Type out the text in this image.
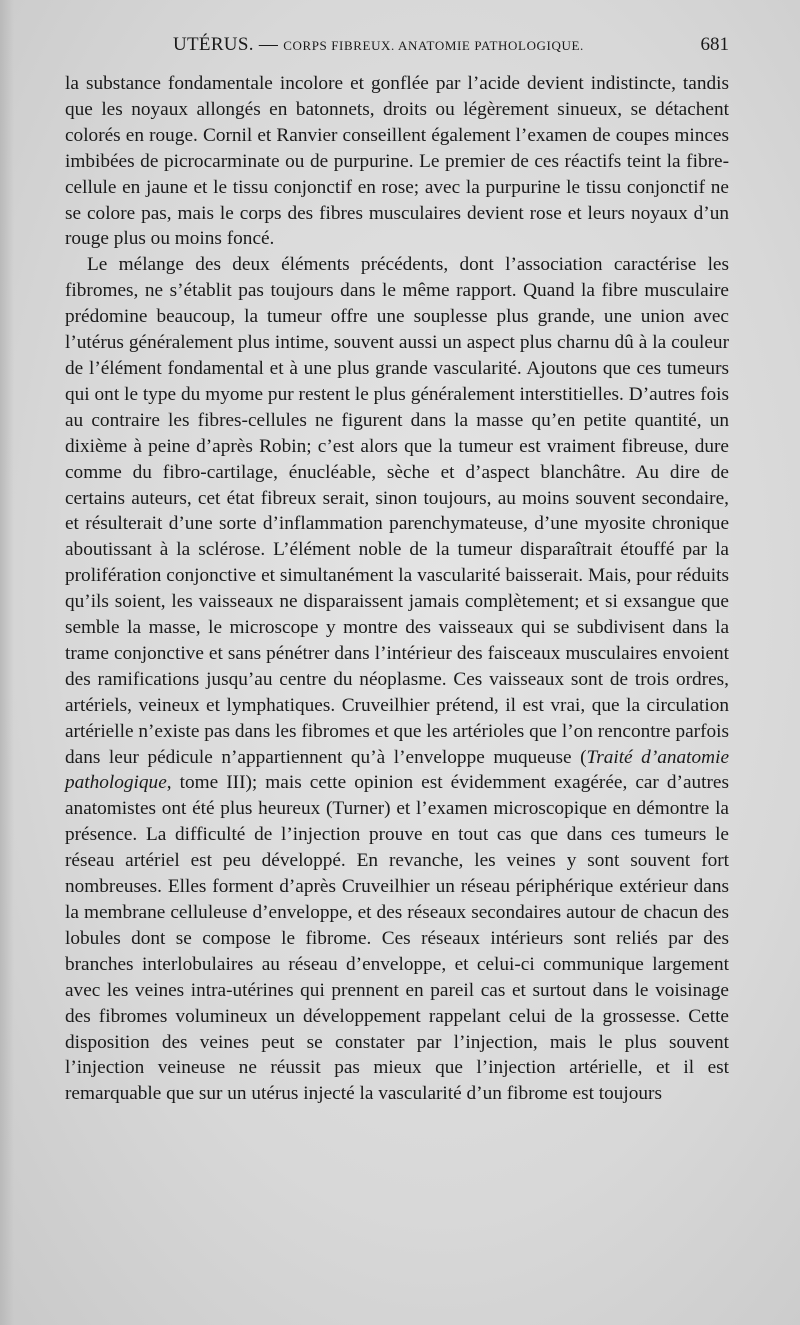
UTÉRUS. — CORPS FIBREUX. ANATOMIE PATHOLOGIQUE.	681

la substance fondamentale incolore et gonflée par l’acide devient indistincte, tandis que les noyaux allongés en batonnets, droits ou légèrement sinueux, se détachent colorés en rouge. Cornil et Ranvier conseillent également l’examen de coupes minces imbibées de picrocarminate ou de purpurine. Le premier de ces réactifs teint la fibre-cellule en jaune et le tissu conjonctif en rose; avec la purpurine le tissu conjonctif ne se colore pas, mais le corps des fibres musculaires devient rose et leurs noyaux d’un rouge plus ou moins foncé.

Le mélange des deux éléments précédents, dont l’association caractérise les fibromes, ne s’établit pas toujours dans le même rapport. Quand la fibre musculaire prédomine beaucoup, la tumeur offre une souplesse plus grande, une union avec l’utérus généralement plus intime, souvent aussi un aspect plus charnu dû à la couleur de l’élément fondamental et à une plus grande vascularité. Ajoutons que ces tumeurs qui ont le type du myome pur restent le plus généralement interstitielles. D’autres fois au contraire les fibres-cellules ne figurent dans la masse qu’en petite quantité, un dixième à peine d’après Robin; c’est alors que la tumeur est vraiment fibreuse, dure comme du fibro-cartilage, énucléable, sèche et d’aspect blanchâtre. Au dire de certains auteurs, cet état fibreux serait, sinon toujours, au moins souvent secondaire, et résulterait d’une sorte d’inflammation parenchymateuse, d’une myosite chronique aboutissant à la sclérose. L’élément noble de la tumeur disparaîtrait étouffé par la prolifération conjonctive et simultanément la vascularité baisserait. Mais, pour réduits qu’ils soient, les vaisseaux ne disparaissent jamais complètement; et si exsangue que semble la masse, le microscope y montre des vaisseaux qui se subdivisent dans la trame conjonctive et sans pénétrer dans l’intérieur des faisceaux musculaires envoient des ramifications jusqu’au centre du néoplasme. Ces vaisseaux sont de trois ordres, artériels, veineux et lymphatiques. Cruveilhier prétend, il est vrai, que la circulation artérielle n’existe pas dans les fibromes et que les artérioles que l’on rencontre parfois dans leur pédicule n’appartiennent qu’à l’enveloppe muqueuse (Traité d’anatomie pathologique, tome III); mais cette opinion est évidemment exagérée, car d’autres anatomistes ont été plus heureux (Turner) et l’examen microscopique en démontre la présence. La difficulté de l’injection prouve en tout cas que dans ces tumeurs le réseau artériel est peu développé. En revanche, les veines y sont souvent fort nombreuses. Elles forment d’après Cruveilhier un réseau périphérique extérieur dans la membrane celluleuse d’enveloppe, et des réseaux secondaires autour de chacun des lobules dont se compose le fibrome. Ces réseaux intérieurs sont reliés par des branches interlobulaires au réseau d’enveloppe, et celui-ci communique largement avec les veines intra-utérines qui prennent en pareil cas et surtout dans le voisinage des fibromes volumineux un développement rappelant celui de la grossesse. Cette disposition des veines peut se constater par l’injection, mais le plus souvent l’injection veineuse ne réussit pas mieux que l’injection artérielle, et il est remarquable que sur un utérus injecté la vascularité d’un fibrome est toujours
